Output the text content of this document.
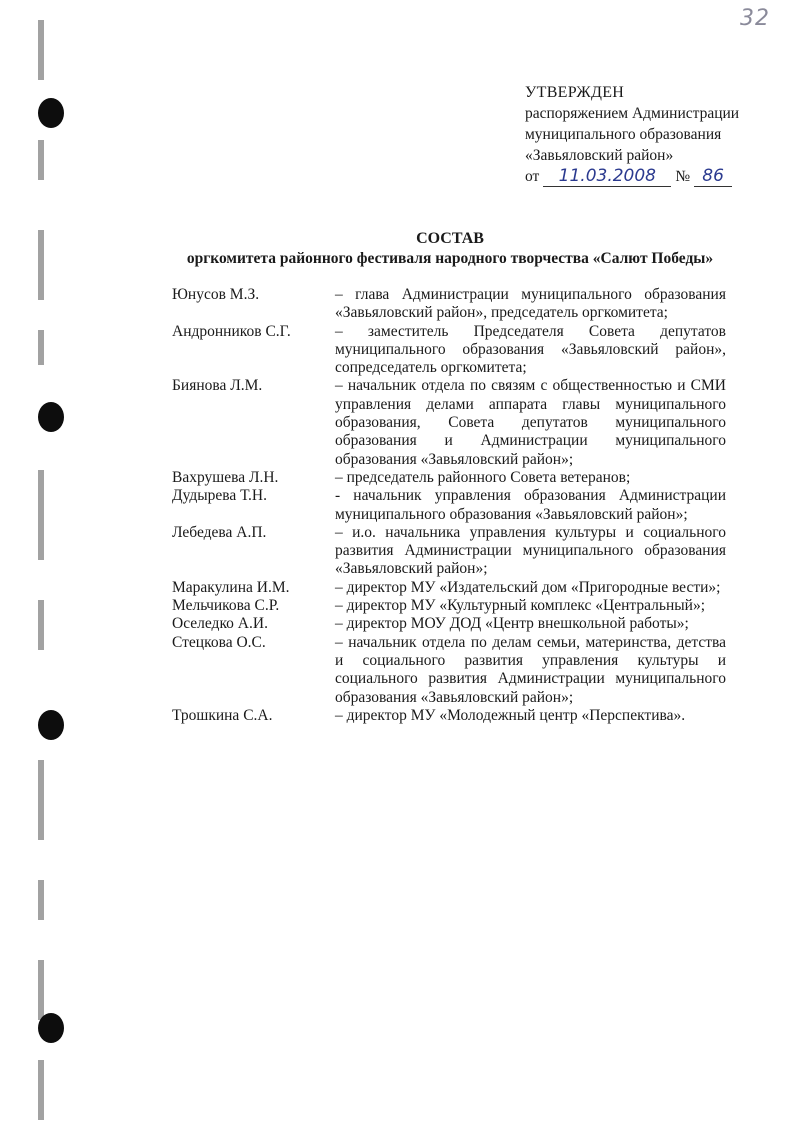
32
УТВЕРЖДЕН
распоряжением Администрации
муниципального образования
«Завьяловский район»
от	11.03.2008	№ 86
СОСТАВ
оргкомитета районного фестиваля народного творчества «Салют Победы»
Юнусов М.З.	– глава Администрации муниципального образования «Завьяловский район», председатель оргкомитета;
Андронников С.Г.	– заместитель Председателя Совета депутатов муниципального образования «Завьяловский район», сопредседатель оргкомитета;
Биянова Л.М.	– начальник отдела по связям с общественностью и СМИ управления делами аппарата главы муниципального образования, Совета депутатов муниципального образования и Администрации муниципального образования «Завьяловский район»;
Вахрушева Л.Н.	– председатель районного Совета ветеранов;
Дудырева Т.Н.	- начальник управления образования Администрации муниципального образования «Завьяловский район»;
Лебедева А.П.	– и.о. начальника управления культуры и социального развития Администрации муниципального образования «Завьяловский район»;
Маракулина И.М.	– директор МУ «Издательский дом «Пригородные вести»;
Мельчикова С.Р.	– директор МУ «Культурный комплекс «Центральный»;
Оселедко А.И.	– директор МОУ ДОД «Центр внешкольной работы»;
Стецкова О.С.	– начальник отдела по делам семьи, материнства, детства и социального развития управления культуры и социального развития Администрации муниципального образования «Завьяловский район»;
Трошкина С.А.	– директор МУ «Молодежный центр «Перспектива».
